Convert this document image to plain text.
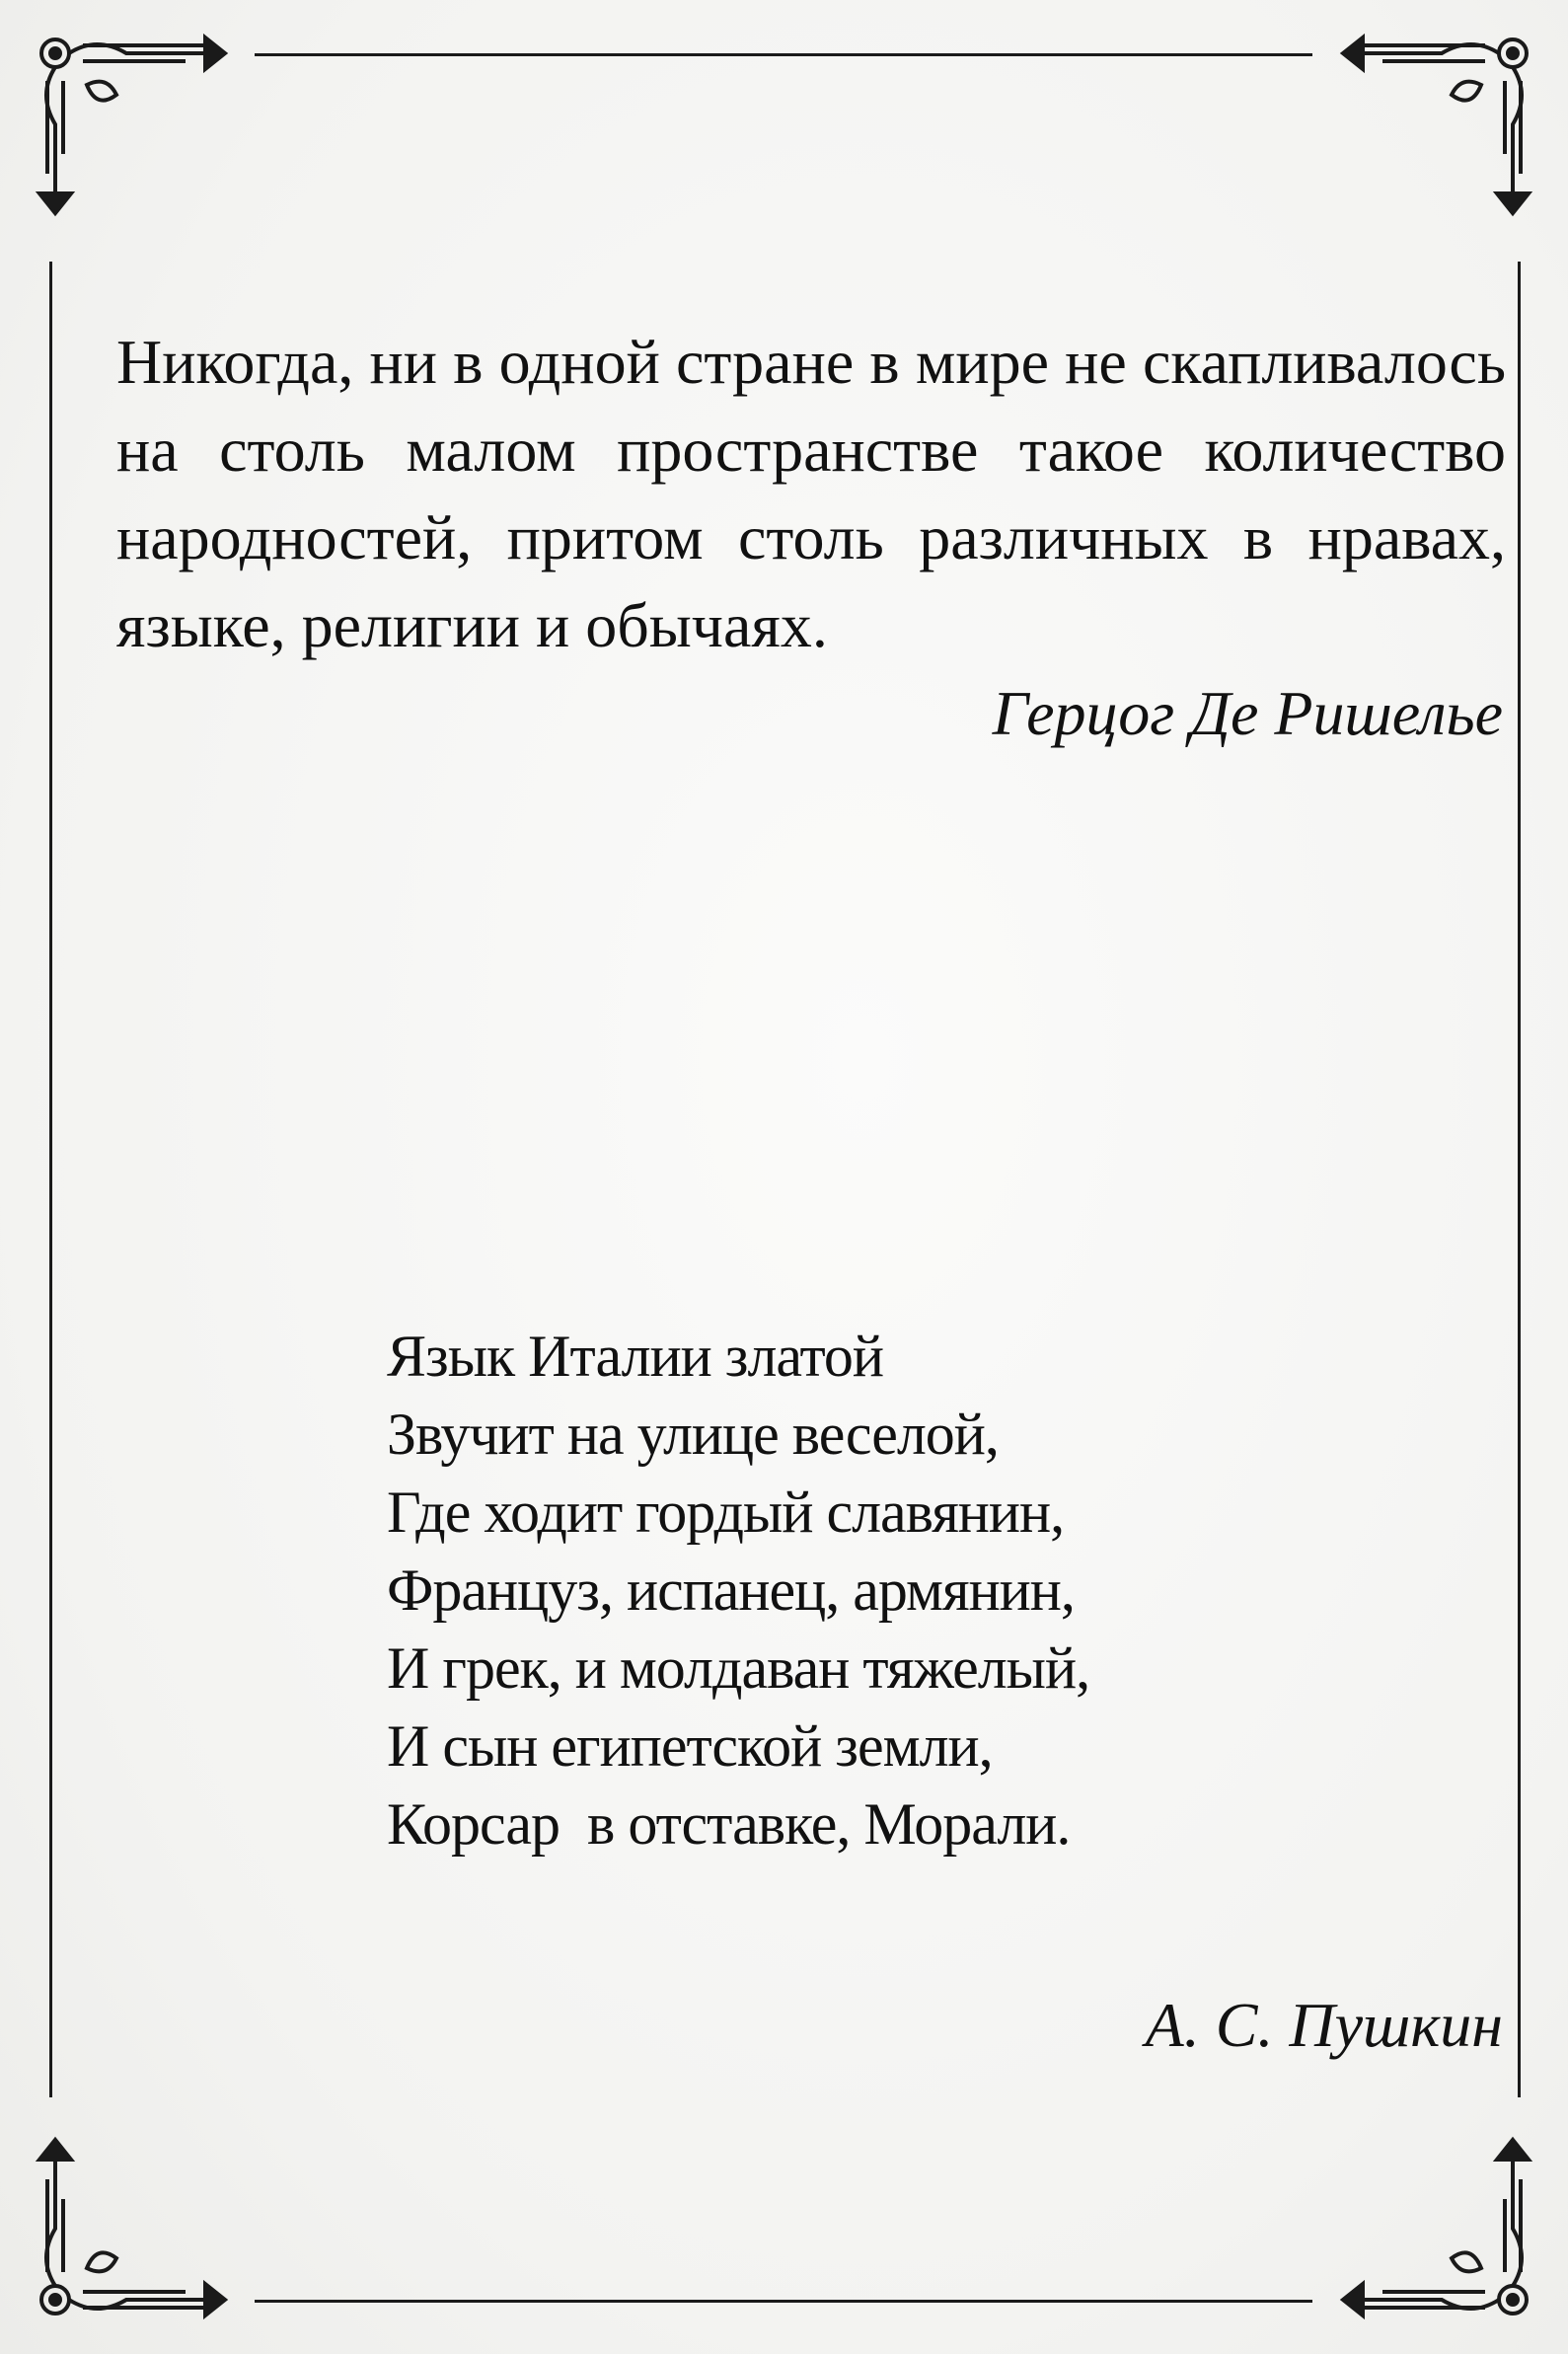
Никогда, ни в одной стране в мире не скапливалось на столь малом пространстве такое количество народностей, притом столь различных в нравах, языке, религии и обычаях.

Герцог Де Ришелье
Язык Италии златой
Звучит на улице веселой,
Где ходит гордый славянин,
Француз, испанец, армянин,
И грек, и молдаван тяжелый,
И сын египетской земли,
Корсар  в отставке, Морали.
А. С. Пушкин
